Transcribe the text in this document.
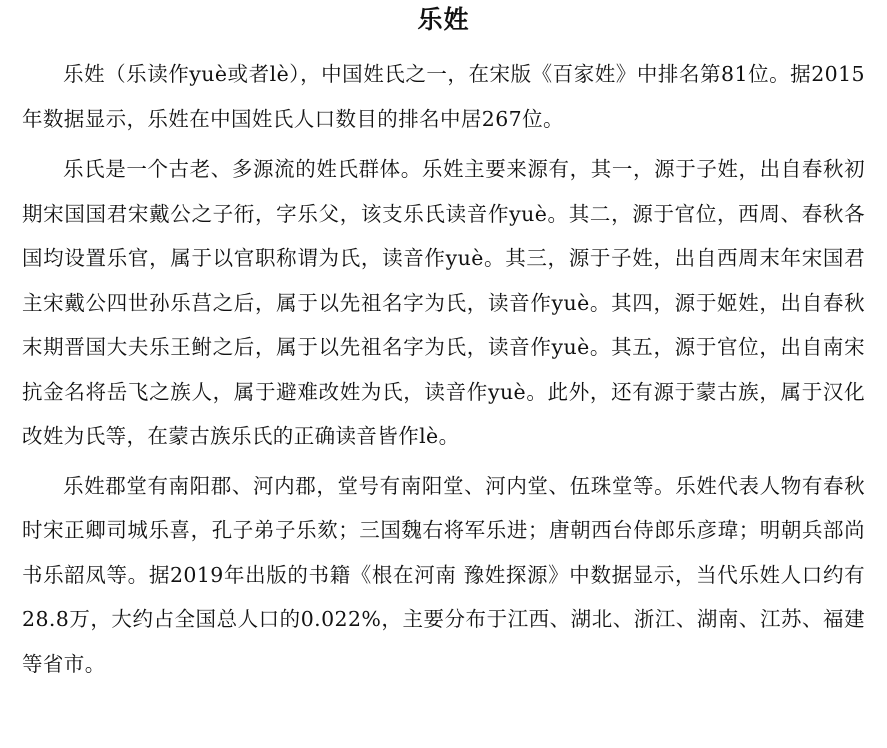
乐姓

乐姓（乐读作yuè或者lè），中国姓氏之一，在宋版《百家姓》中排名第81位。据2015年数据显示，乐姓在中国姓氏人口数目的排名中居267位。

乐氏是一个古老、多源流的姓氏群体。乐姓主要来源有，其一，源于子姓，出自春秋初期宋国国君宋戴公之子衎，字乐父，该支乐氏读音作yuè。其二，源于官位，西周、春秋各国均设置乐官，属于以官职称谓为氏，读音作yuè。其三，源于子姓，出自西周末年宋国君主宋戴公四世孙乐莒之后，属于以先祖名字为氏，读音作yuè。其四，源于姬姓，出自春秋末期晋国大夫乐王鲋之后，属于以先祖名字为氏，读音作yuè。其五，源于官位，出自南宋抗金名将岳飞之族人，属于避难改姓为氏，读音作yuè。此外，还有源于蒙古族，属于汉化改姓为氏等，在蒙古族乐氏的正确读音皆作lè。

乐姓郡堂有南阳郡、河内郡，堂号有南阳堂、河内堂、伍珠堂等。乐姓代表人物有春秋时宋正卿司城乐喜，孔子弟子乐欬；三国魏右将军乐进；唐朝西台侍郎乐彦瑋；明朝兵部尚书乐韶凤等。据2019年出版的书籍《根在河南 豫姓探源》中数据显示，当代乐姓人口约有28.8万，大约占全国总人口的0.022%，主要分布于江西、湖北、浙江、湖南、江苏、福建等省市。
